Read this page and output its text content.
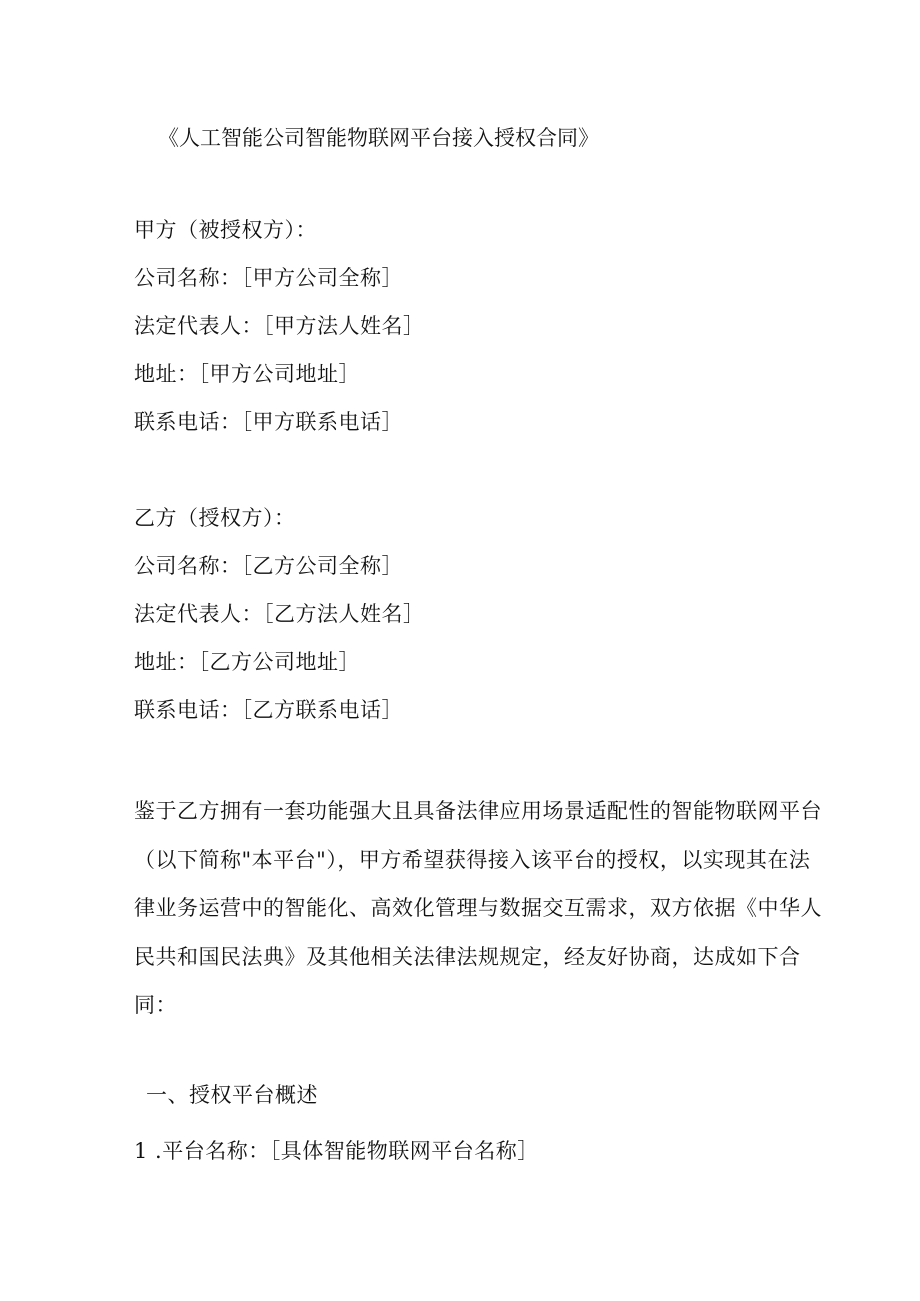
《人工智能公司智能物联网平台接入授权合同》

甲方（被授权方）：

公司名称：［甲方公司全称］

法定代表人：［甲方法人姓名］

地址：［甲方公司地址］

联系电话：［甲方联系电话］

乙方（授权方）：

公司名称：［乙方公司全称］

法定代表人：［乙方法人姓名］

地址：［乙方公司地址］

联系电话：［乙方联系电话］

鉴于乙方拥有一套功能强大且具备法律应用场景适配性的智能物联网平台
（以下简称"本平台"），甲方希望获得接入该平台的授权，以实现其在法
律业务运营中的智能化、高效化管理与数据交互需求，双方依据《中华人
民共和国民法典》及其他相关法律法规规定，经友好协商，达成如下合
同：

一、授权平台概述

1 .平台名称：［具体智能物联网平台名称］
